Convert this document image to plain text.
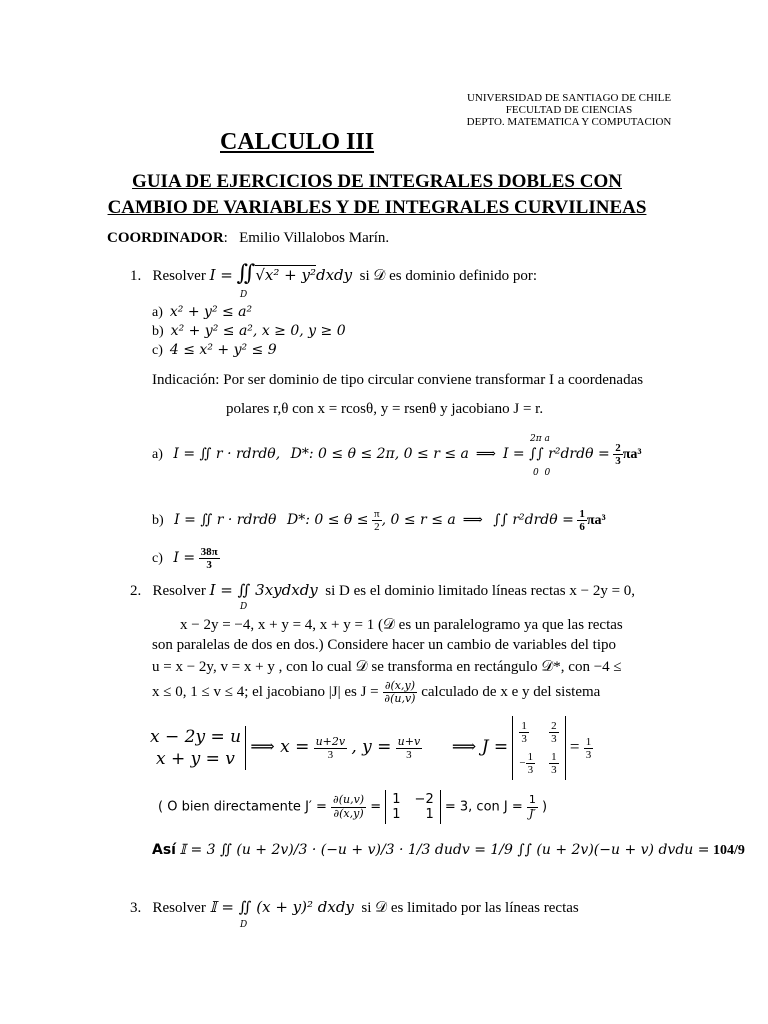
UNIVERSIDAD DE SANTIAGO DE CHILE
FECULTAD DE CIENCIAS
DEPTO. MATEMATICA Y COMPUTACION
CALCULO III
GUIA DE EJERCICIOS DE INTEGRALES DOBLES CON
CAMBIO DE VARIABLES Y DE INTEGRALES CURVILINEAS
COORDINADOR:   Emilio Villalobos Marín.
1. Resolver I = ∬√x² + y²dxdy si 𝒟 es dominio definido por:
D
a) x² + y² ≤ a²
b) x² + y² ≤ a², x ≥ 0, y ≥ 0
c) 4 ≤ x² + y² ≤ 9
Indicación: Por ser dominio de tipo circular conviene transformar I a coordenadas
polares r,θ con x = rcosθ, y = rsenθ y jacobiano J = r.
a) I = ∬ r · rdrdθ, D*: 0 ≤ θ ≤ 2π, 0 ≤ r ≤ a  ⟹  I = ∫∫ $r^2drd\theta = \frac{2}{3} \pi a^3$
2π a
0  0
b) I = ∬ r · rdrdθ D*: $0 \le \theta \le \frac{\pi}{2}$ , 0 ≤ r ≤ a  ⟹   ∫∫ $r^2drd\theta = \frac{1}{6} \pi a^3$
c) $I = \frac{38\pi}{3}$
2. Resolver I = ∬ 3xydxdy si D es el dominio limitado líneas rectas x − 2y = 0,
D
x − 2y = −4, x + y = 4, x + y = 1 (𝒟 es un paralelogramo ya que las rectas
son paralelas de dos en dos.) Considere hacer un cambio de variables del tipo
u = x − 2y, v = x + y , con lo cual 𝒟 se transforma en rectángulo 𝒟*, con −4 ≤
x ≤ 0, 1 ≤ v ≤ 4; el jacobiano |J| es $J = \frac{\partial(x,y)}{\partial(u,v)}$ calculado de x e y del sistema
x − 2y = u
x + y = v
⟹ $x = \frac{u+2v}{3}$ , $y = \frac{u+v}{3}$ ⟹ J =
$\frac{1}{3} \frac{2}{3}$
− $\frac{1}{3} \frac{1}{3}$
= $\frac{1}{3}$
( O bien directamente $J' = \frac{\partial(u,v)}{\partial(x,y)} = 1 -2$
1 1 = 3, con $J = \frac{1}{J'}$ )
Así 𝕀 = 3 ∬ (u + 2v)/3 · (−u + v)/3 · 1/3 dudv = 1/9 ∫∫ (u + 2v)(−u + v) dvdu = 104/9
3. Resolver 𝕀 = ∬ (x + y)² dxdy si 𝒟 es limitado por las líneas rectas
D
